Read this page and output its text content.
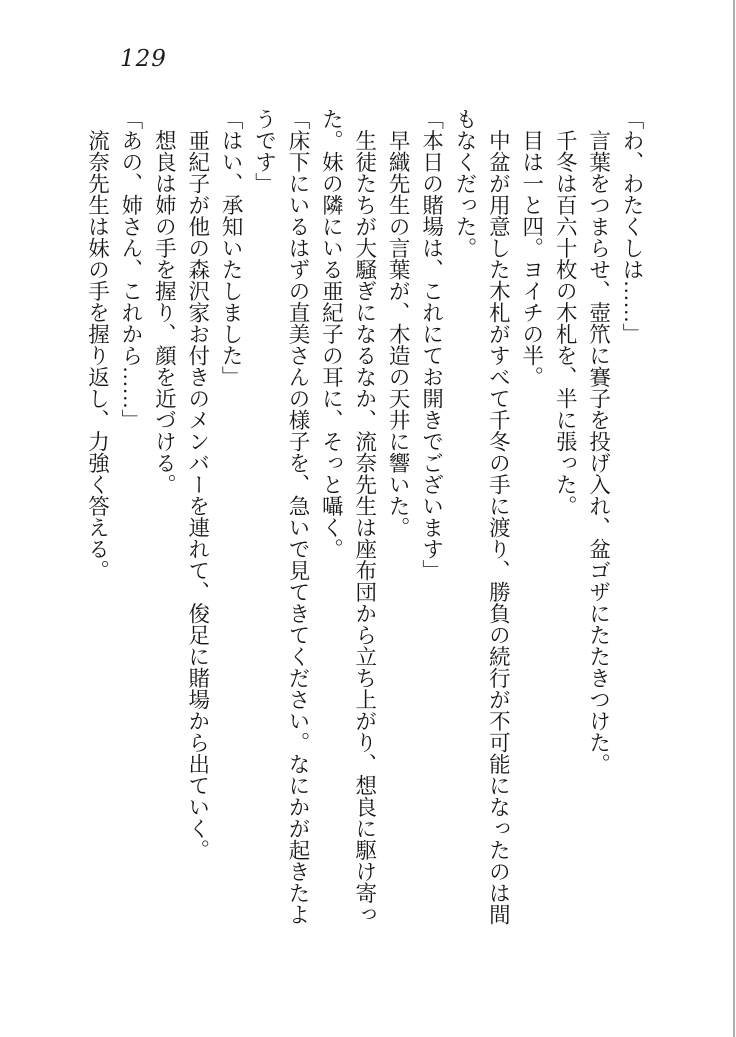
129
「わ、わたくしは……」
　言葉をつまらせ、壺笊に賽子を投げ入れ、盆ゴザにたたきつけた。
　千冬は百六十枚の木札を、半に張った。
　目は一と四。ヨイチの半。
　中盆が用意した木札がすべて千冬の手に渡り、勝負の続行が不可能になったのは間
もなくだった。
「本日の賭場は、これにてお開きでございます」
　早織先生の言葉が、木造の天井に響いた。
　生徒たちが大騒ぎになるなか、流奈先生は座布団から立ち上がり、想良に駆け寄っ
た。妹の隣にいる亜紀子の耳に、そっと囁く。
「床下にいるはずの直美さんの様子を、急いで見てきてください。なにかが起きたよ
うです」
「はい、承知いたしました」
　亜紀子が他の森沢家お付きのメンバーを連れて、俊足に賭場から出ていく。
　想良は姉の手を握り、顔を近づける。
「あの、姉さん、これから……」
　流奈先生は妹の手を握り返し、力強く答える。
